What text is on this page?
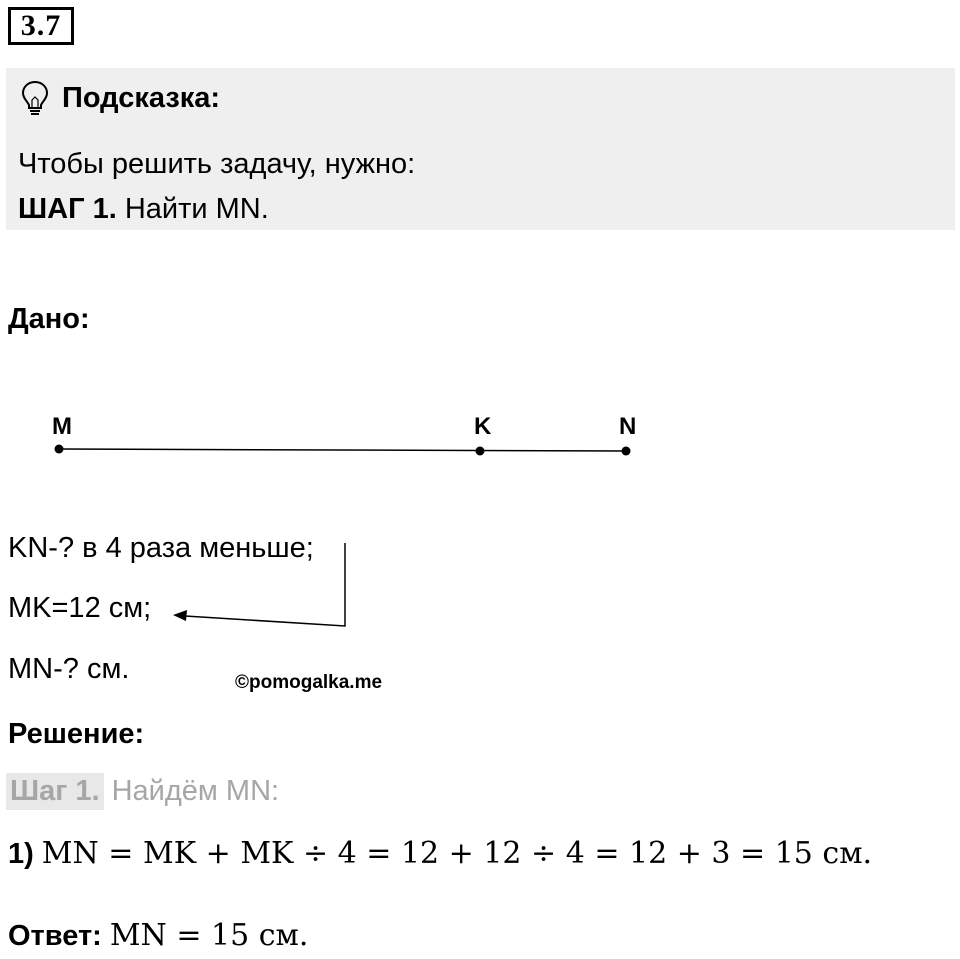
3.7
Подсказка:
Чтобы решить задачу, нужно:
ШАГ 1. Найти MN.
Дано:
M	K	N
KN-? в 4 раза меньше;
MK=12 см;
MN-? см.	©pomogalka.me
Решение:
Шаг 1. Найдём MN:
1) MN = MK + MK ÷ 4 = 12 + 12 ÷ 4 = 12 + 3 = 15 см.
Ответ: MN = 15 см.
